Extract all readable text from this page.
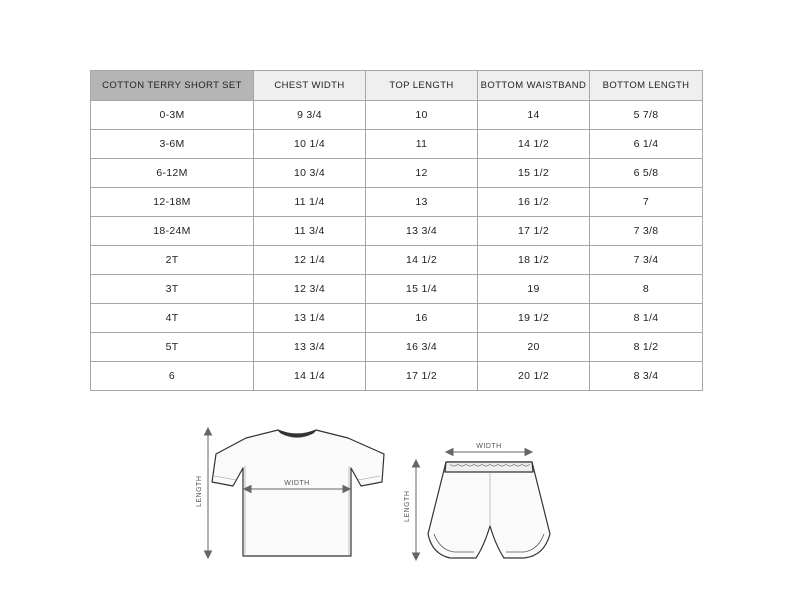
COTTON TERRY SHORT SET	CHEST WIDTH	TOP LENGTH	BOTTOM WAISTBAND	BOTTOM LENGTH
0-3M	9 3/4	10	14	5 7/8
3-6M	10 1/4	11	14 1/2	6 1/4
6-12M	10 3/4	12	15 1/2	6 5/8
12-18M	11 1/4	13	16 1/2	7
18-24M	11 3/4	13 3/4	17 1/2	7 3/8
2T	12 1/4	14 1/2	18 1/2	7 3/4
3T	12 3/4	15 1/4	19	8
4T	13 1/4	16	19 1/2	8 1/4
5T	13 3/4	16 3/4	20	8 1/2
6	14 1/4	17 1/2	20 1/2	8 3/4
LENGTH	WIDTH
WIDTH
LENGTH
